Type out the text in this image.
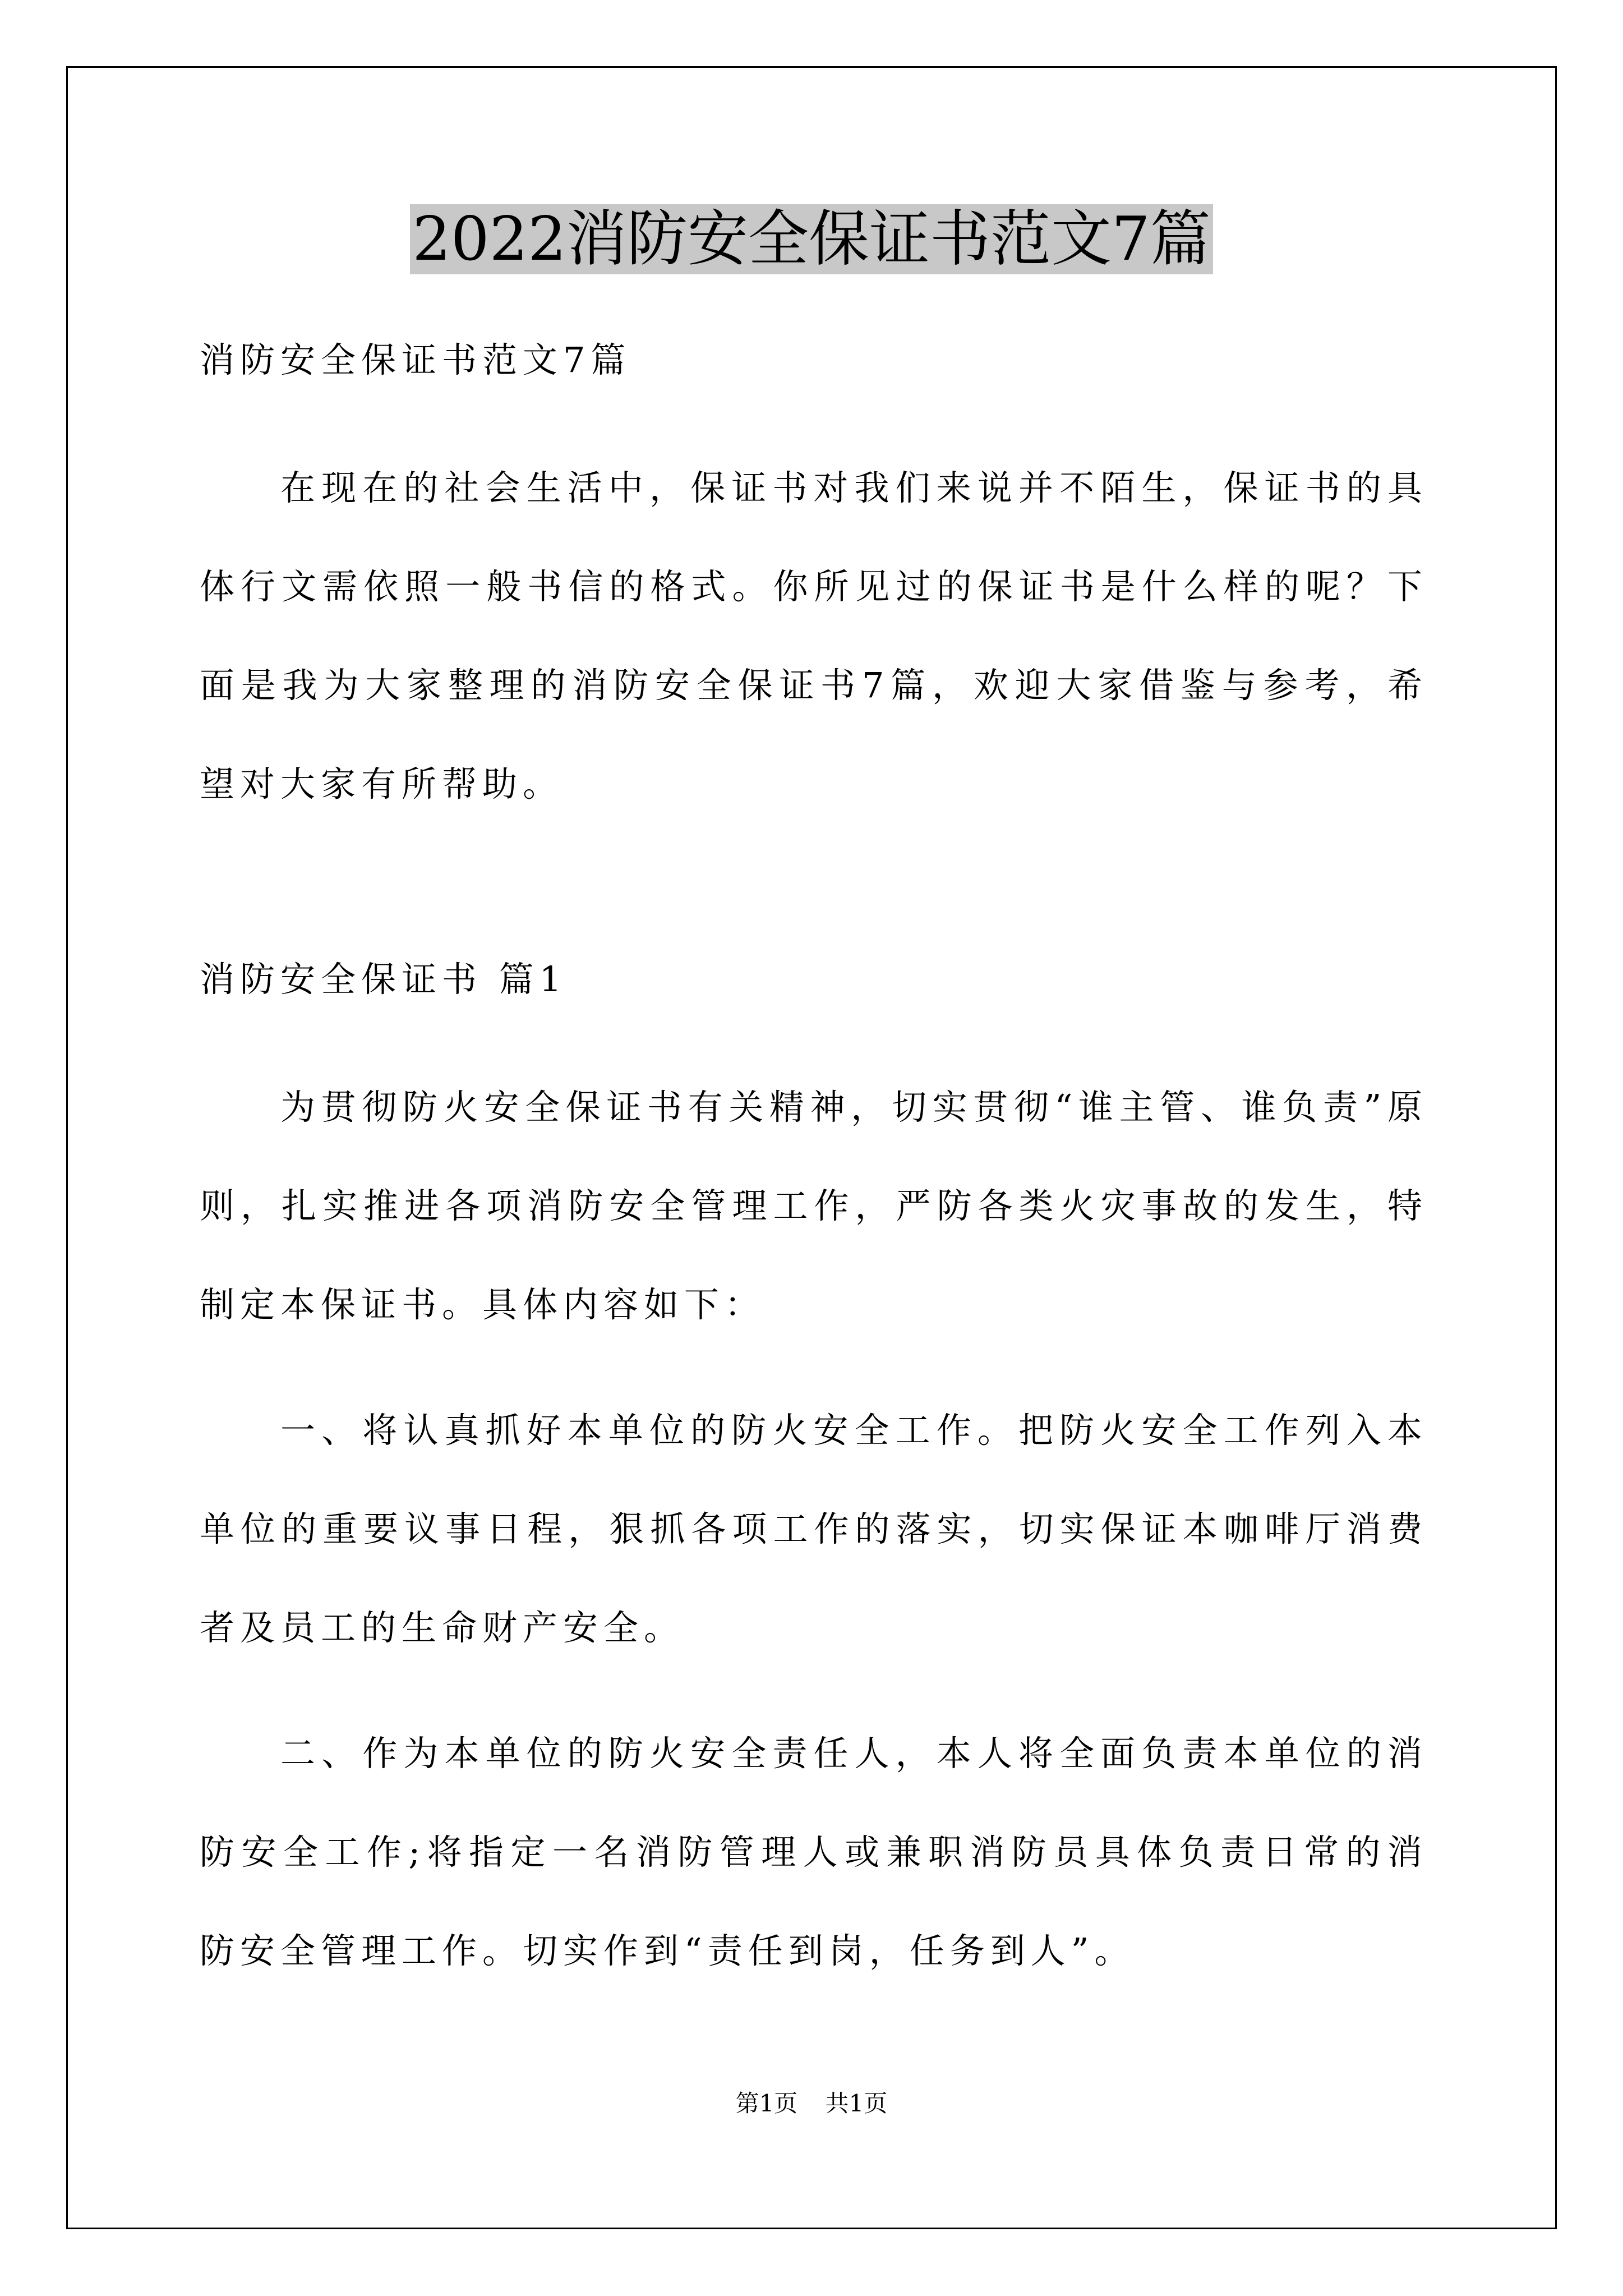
2022消防安全保证书范文7篇

消防安全保证书范文7篇

在现在的社会生活中，保证书对我们来说并不陌生，保证书的具体行文需依照一般书信的格式。你所见过的保证书是什么样的呢？下面是我为大家整理的消防安全保证书7篇，欢迎大家借鉴与参考，希望对大家有所帮助。

消防安全保证书 篇1

为贯彻防火安全保证书有关精神，切实贯彻“谁主管、谁负责”原则，扎实推进各项消防安全管理工作，严防各类火灾事故的发生，特制定本保证书。具体内容如下：

一、将认真抓好本单位的防火安全工作。把防火安全工作列入本单位的重要议事日程，狠抓各项工作的落实，切实保证本咖啡厅消费者及员工的生命财产安全。

二、作为本单位的防火安全责任人，本人将全面负责本单位的消防安全工作;将指定一名消防管理人或兼职消防员具体负责日常的消防安全管理工作。切实作到“责任到岗，任务到人”。

第1页 共1页
